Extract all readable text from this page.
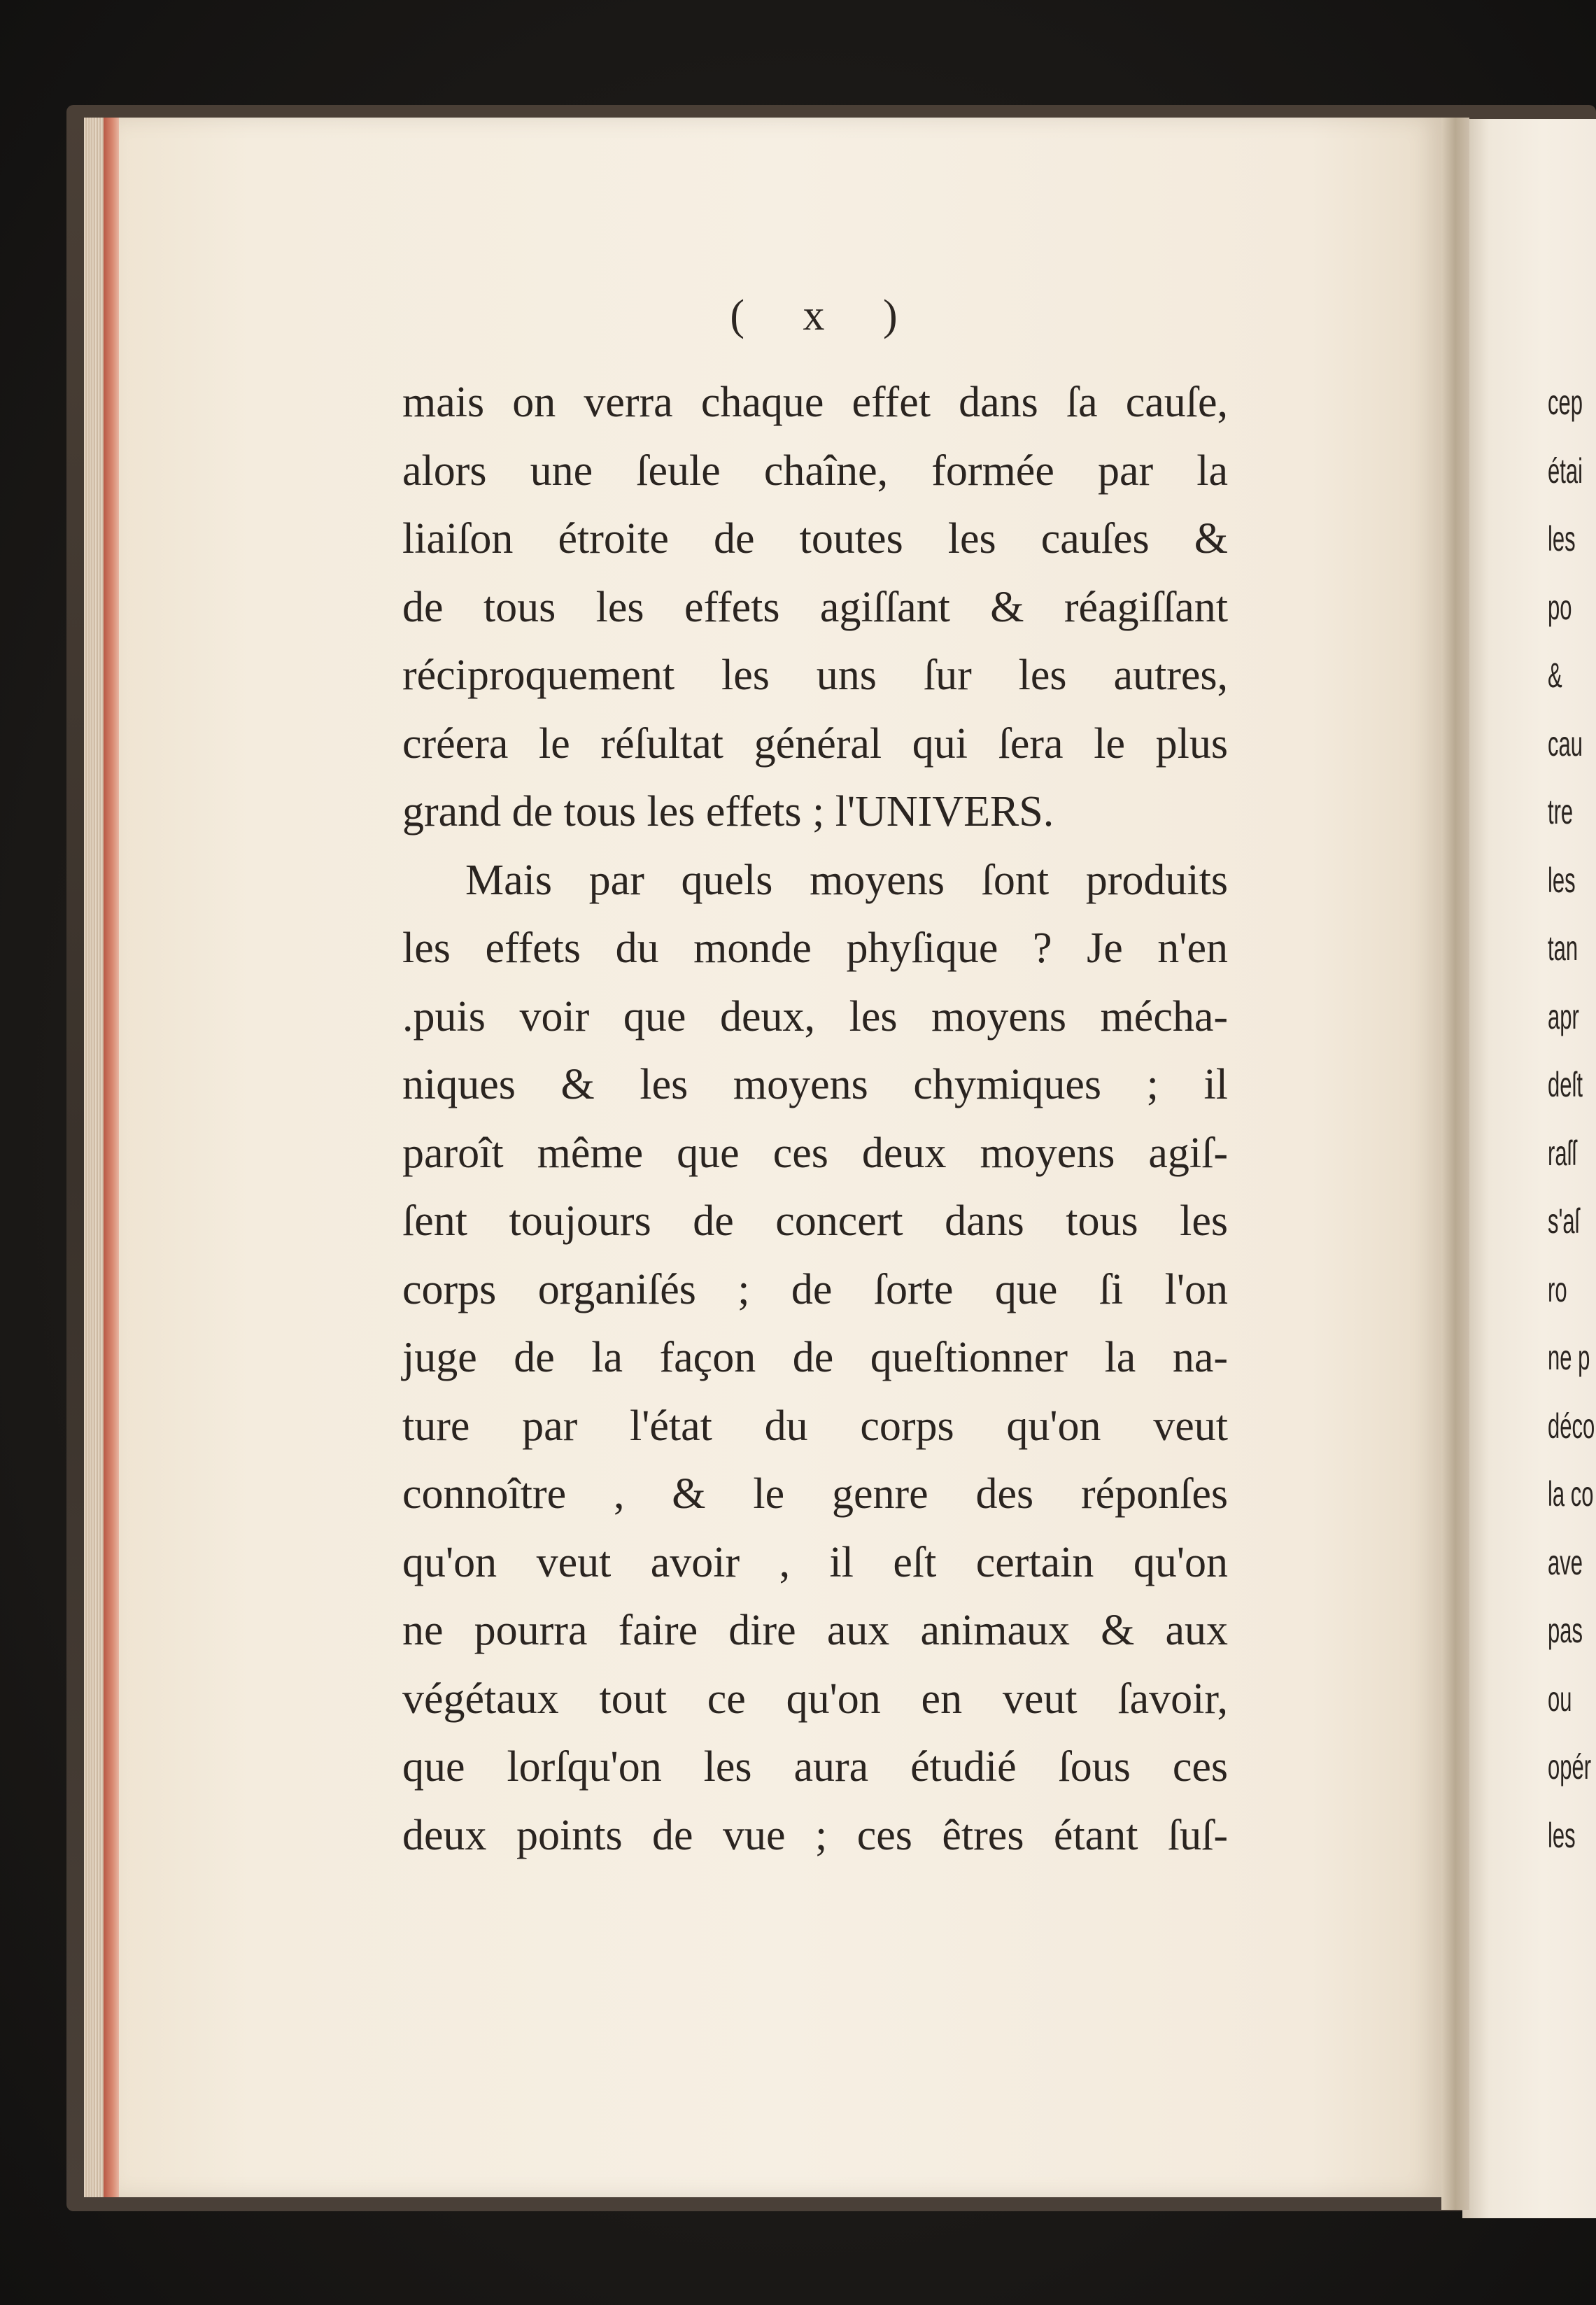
( x )
mais on verra chaque effet dans ſa cauſe,
alors une ſeule chaîne, formée par la
liaiſon étroite de toutes les cauſes &
de tous les effets agiſſant & réagiſſant
réciproquement les uns ſur les autres,
créera le réſultat général qui ſera le plus
grand de tous les effets ; l'UNIVERS.
Mais par quels moyens ſont produits
les effets du monde phyſique ? Je n'en
.puis voir que deux, les moyens mécha-
niques & les moyens chymiques ; il
paroît même que ces deux moyens agiſ-
ſent toujours de concert dans tous les
corps organiſés ; de ſorte que ſi l'on
juge de la façon de queſtionner la na-
ture par l'état du corps qu'on veut
connoître , & le genre des réponſes
qu'on veut avoir , il eſt certain qu'on
ne pourra faire dire aux animaux & aux
végétaux tout ce qu'on en veut ſavoir,
que lorſqu'on les aura étudié ſous ces
deux points de vue ; ces êtres étant ſuſ-
cep
étai
les
po
&
cau
tre
les
tan
apr
deſt
raſſ
s'aſ
ro
ne p
déco
la co
ave
pas
ou
opér
les
